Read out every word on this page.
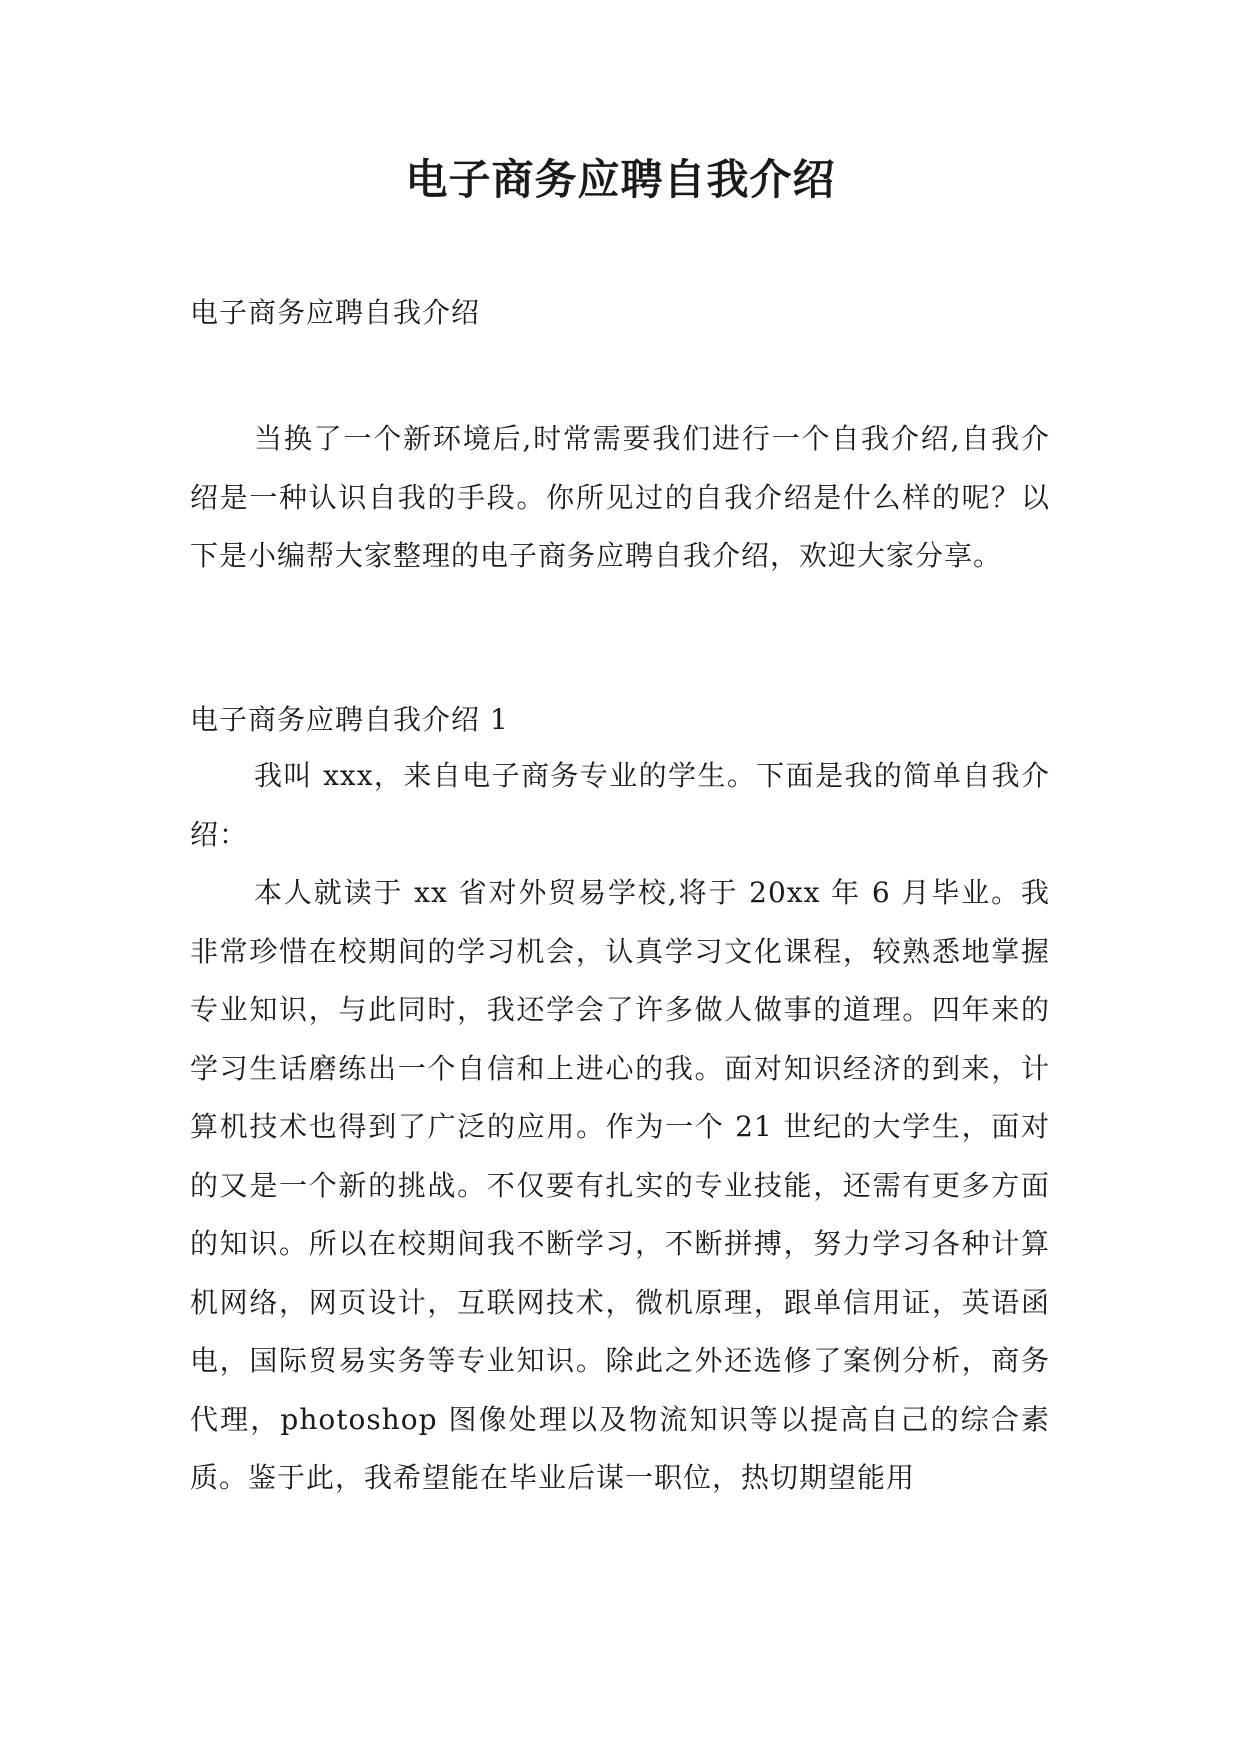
电子商务应聘自我介绍

电子商务应聘自我介绍

当换了一个新环境后,时常需要我们进行一个自我介绍,自我介绍是一种认识自我的手段。你所见过的自我介绍是什么样的呢？以下是小编帮大家整理的电子商务应聘自我介绍，欢迎大家分享。

电子商务应聘自我介绍 1

我叫 xxx，来自电子商务专业的学生。下面是我的简单自我介绍：

本人就读于 xx 省对外贸易学校,将于 20xx 年 6 月毕业。我非常珍惜在校期间的学习机会，认真学习文化课程，较熟悉地掌握专业知识，与此同时，我还学会了许多做人做事的道理。四年来的学习生话磨练出一个自信和上进心的我。面对知识经济的到来，计算机技术也得到了广泛的应用。作为一个 21 世纪的大学生，面对的又是一个新的挑战。不仅要有扎实的专业技能，还需有更多方面的知识。所以在校期间我不断学习，不断拼搏，努力学习各种计算机网络，网页设计，互联网技术，微机原理，跟单信用证，英语函电，国际贸易实务等专业知识。除此之外还选修了案例分析，商务代理，photoshop 图像处理以及物流知识等以提高自己的综合素质。鉴于此，我希望能在毕业后谋一职位，热切期望能用
